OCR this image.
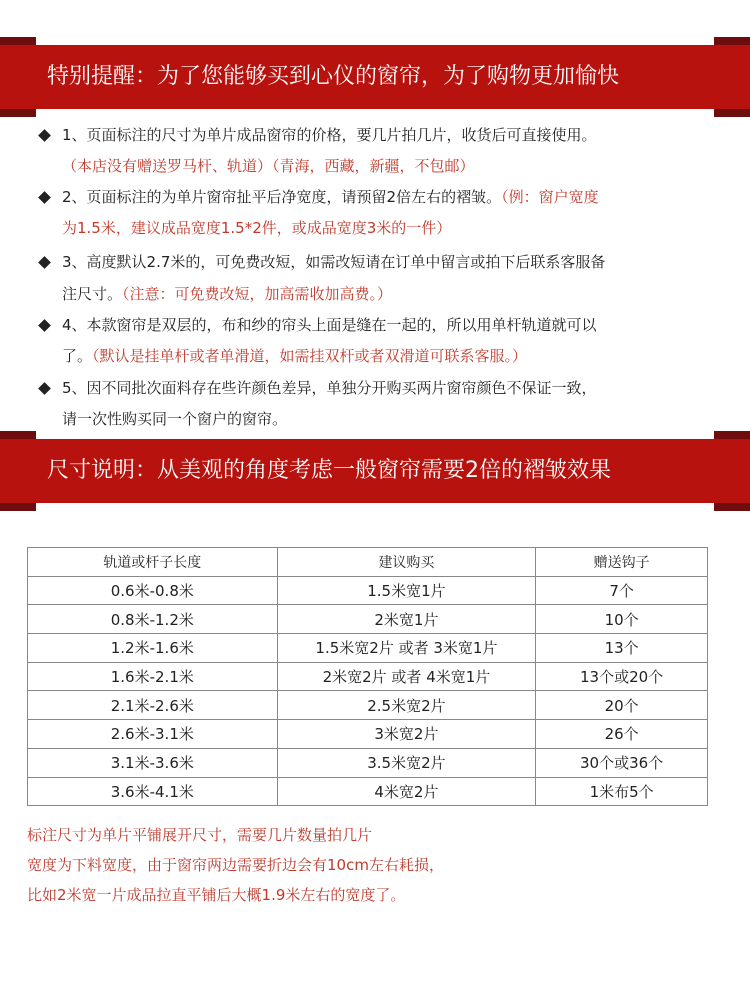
特别提醒：为了您能够买到心仪的窗帘，为了购物更加愉快
1、页面标注的尺寸为单片成品窗帘的价格，要几片拍几片，收货后可直接使用。
（本店没有赠送罗马杆、轨道）（青海，西藏，新疆，不包邮）
2、页面标注的为单片窗帘扯平后净宽度，请预留2倍左右的褶皱。（例：窗户宽度
为1.5米，建议成品宽度1.5*2件，或成品宽度3米的一件）
3、高度默认2.7米的，可免费改短，如需改短请在订单中留言或拍下后联系客服备
注尺寸。（注意：可免费改短，加高需收加高费。）
4、本款窗帘是双层的，布和纱的帘头上面是缝在一起的，所以用单杆轨道就可以
了。（默认是挂单杆或者单滑道，如需挂双杆或者双滑道可联系客服。）
5、因不同批次面料存在些许颜色差异，单独分开购买两片窗帘颜色不保证一致，
请一次性购买同一个窗户的窗帘。
尺寸说明：从美观的角度考虑一般窗帘需要2倍的褶皱效果
轨道或杆子长度	建议购买	赠送钩子
0.6米-0.8米	1.5米宽1片	7个
0.8米-1.2米	2米宽1片	10个
1.2米-1.6米	1.5米宽2片 或者 3米宽1片	13个
1.6米-2.1米	2米宽2片 或者 4米宽1片	13个或20个
2.1米-2.6米	2.5米宽2片	20个
2.6米-3.1米	3米宽2片	26个
3.1米-3.6米	3.5米宽2片	30个或36个
3.6米-4.1米	4米宽2片	1米布5个
标注尺寸为单片平铺展开尺寸，需要几片数量拍几片
宽度为下料宽度，由于窗帘两边需要折边会有10cm左右耗损，
比如2米宽一片成品拉直平铺后大概1.9米左右的宽度了。
